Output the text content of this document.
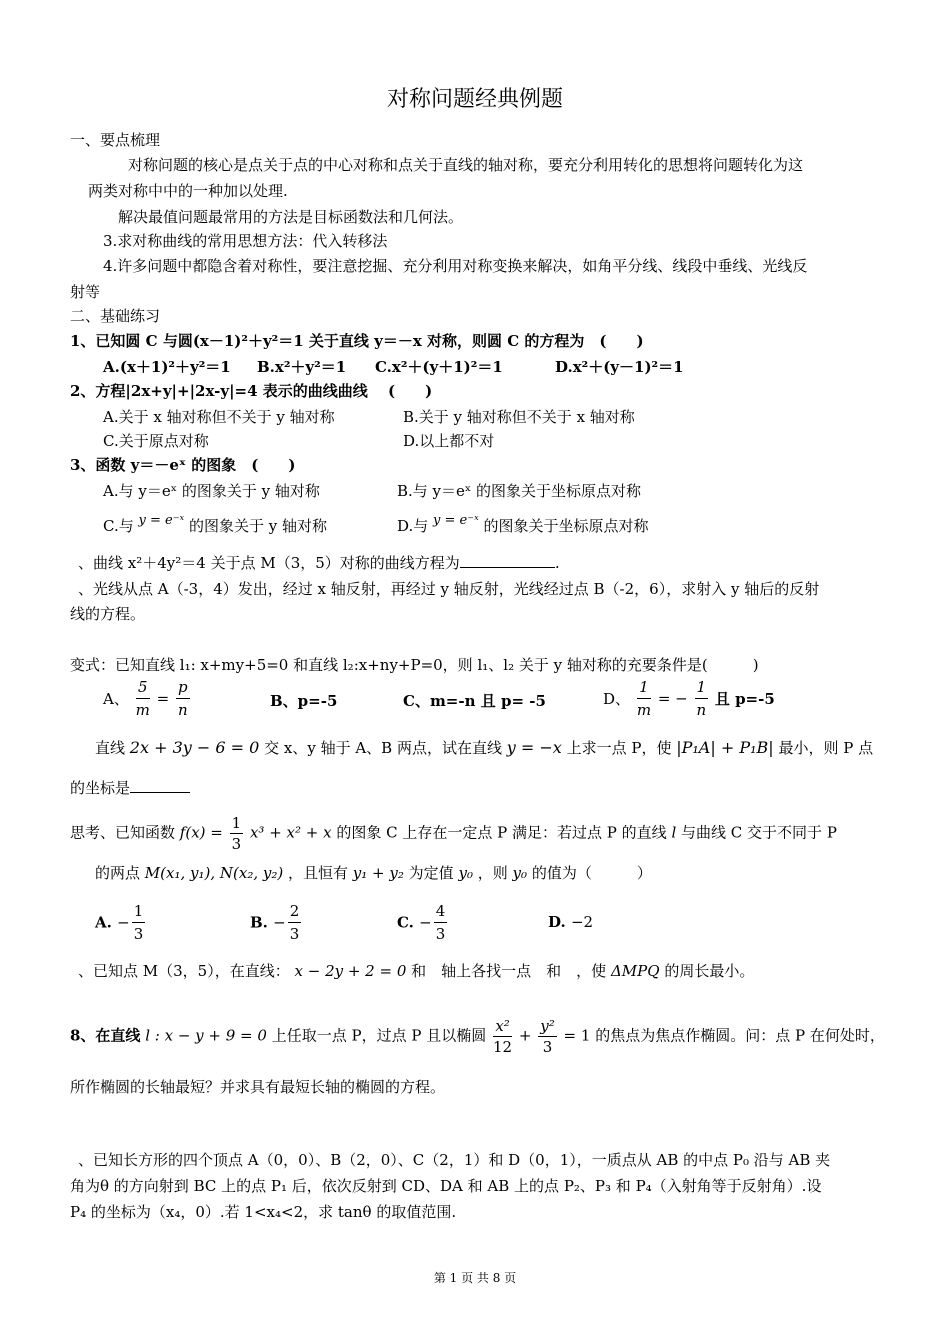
对称问题经典例题
一、要点梳理
对称问题的核心是点关于点的中心对称和点关于直线的轴对称，要充分利用转化的思想将问题转化为这
两类对称中中的一种加以处理.
解决最值问题最常用的方法是目标函数法和几何法。
3.求对称曲线的常用思想方法：代入转移法
4.许多问题中都隐含着对称性，要注意挖掘、充分利用对称变换来解决，如角平分线、线段中垂线、光线反
射等
二、基础练习
1、已知圆 C 与圆(x－1)²＋y²＝1 关于直线 y＝－x 对称，则圆 C 的方程为　(　　)
A.(x＋1)²＋y²＝1 B.x²＋y²＝1 C.x²＋(y＋1)²＝1	D.x²＋(y－1)²＝1
2、方程|2x+y|+|2x-y|=4 表示的曲线曲线　 (　　)
A.关于 x 轴对称但不关于 y 轴对称	B.关于 y 轴对称但不关于 x 轴对称
C.关于原点对称	D.以上都不对
3、函数 y＝－eˣ 的图象　(　　)
A.与 y＝eˣ 的图象关于 y 轴对称	B.与 y＝eˣ 的图象关于坐标原点对称
C.与 y = e⁻ˣ 的图象关于 y 轴对称	D.与 y = e⁻ˣ 的图象关于坐标原点对称
、曲线 x²＋4y²＝4 关于点 M（3，5）对称的曲线方程为	.
、光线从点 A（-3，4）发出，经过 x 轴反射，再经过 y 轴反射，光线经过点 B（-2，6），求射入 y 轴后的反射
线的方程。
变式：已知直线 l₁: x+my+5=0 和直线 l₂:x+ny+P=0，则 l₁、l₂ 关于 y 轴对称的充要条件是(　　　)
A、 $\frac{5}{m} = \frac{p}{n}$	B、p=-5	C、m=-n 且 p= -5	D、 $\frac{1}{m}$ = − $\frac{1}{n}$ 且 p=-5
直线 2x + 3y − 6 = 0 交 x、y 轴于 A、B 两点，试在直线 y = −x 上求一点 P，使 |P₁A| + P₁B| 最小，则 P 点
的坐标是
思考、已知函数 $f(x) = \frac{1}{3} x^3 + x^2 + x$ 的图象 C 上存在一定点 P 满足：若过点 P 的直线 l 与曲线 C 交于不同于 P
的两点 M(x₁, y₁), N(x₂, y₂) ，且恒有 y₁ + y₂ 为定值 y₀ ，则 y₀ 的值为（　　　）
A. − $\frac{1}{3}$	B. − $\frac{2}{3}$	C. − $\frac{4}{3}$	D. −2
、已知点 M（3，5），在直线： x − 2y + 2 = 0 和　轴上各找一点　和　，使 ΔMPQ 的周长最小。
8、在直线 l : x − y + 9 = 0 上任取一点 P，过点 P 且以椭圆 $\frac{\text{x²}}{12} + \frac{\text{y²}}{3} = 1$ 的焦点为焦点作椭圆。问：点 P 在何处时，
所作椭圆的长轴最短？并求具有最短长轴的椭圆的方程。
、已知长方形的四个顶点 A（0，0）、B（2，0）、C（2，1）和 D（0，1），一质点从 AB 的中点 P₀ 沿与 AB 夹
角为θ 的方向射到 BC 上的点 P₁ 后，依次反射到 CD、DA 和 AB 上的点 P₂、P₃ 和 P₄（入射角等于反射角）.设
P₄ 的坐标为（x₄，0）.若 1<x₄<2，求 tanθ 的取值范围.
第 1 页 共 8 页
